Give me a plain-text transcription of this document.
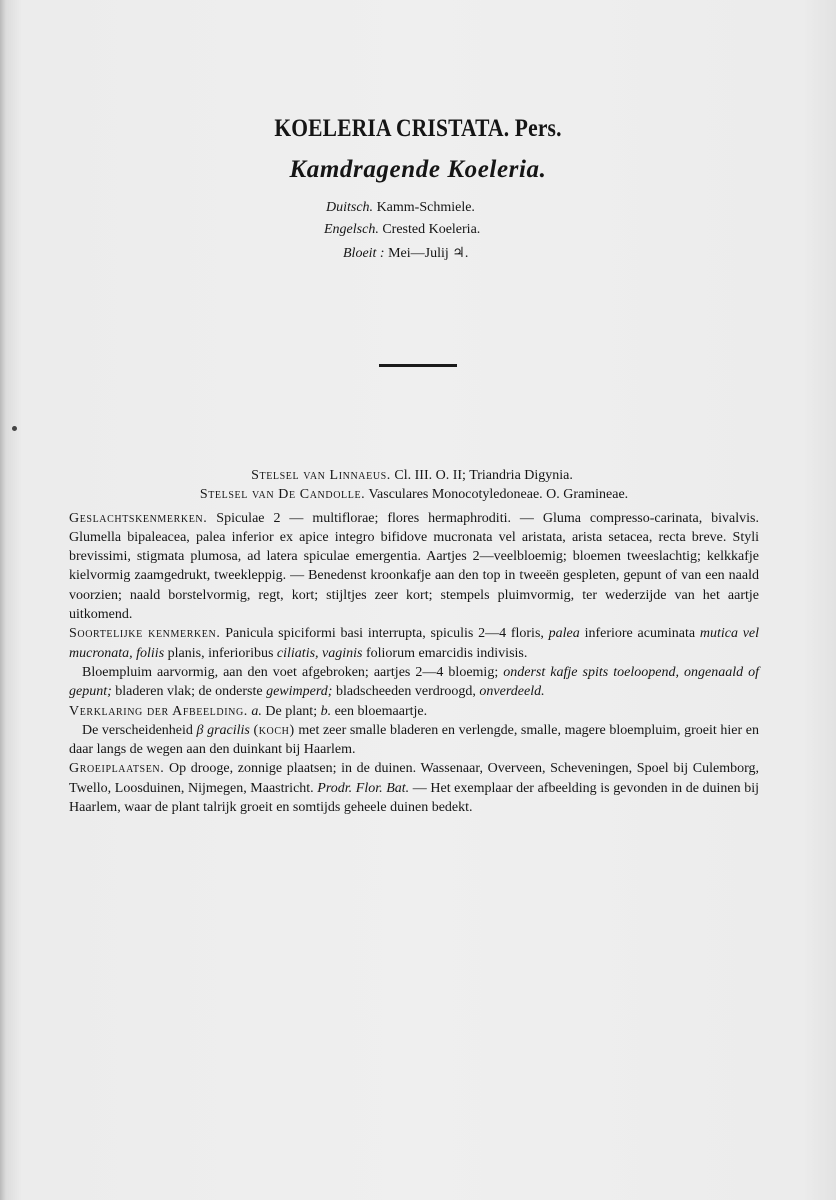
KOELERIA CRISTATA. Pers.
Kamdragende Koeleria.
Duitsch. Kamm-Schmiele.
Engelsch. Crested Koeleria.
Bloeit : Mei—Julij ♃.
Stelsel van Linnaeus. Cl. III. O. II; Triandria Digynia.
Stelsel van De Candolle. Vasculares Monocotyledoneae. O. Gramineae.

Geslachtskenmerken. Spiculae 2 — multiflorae; flores hermaphroditi. — Gluma compresso-carinata, bivalvis. Glumella bipaleacea, palea inferior ex apice integro bifidove mucronata vel aristata, arista setacea, recta breve. Styli brevissimi, stigmata plumosa, ad latera spiculae emergentia. Aartjes 2—veelbloemig; bloemen tweeslachtig; kelkkafje kielvormig zaamgedrukt, tweekleppig. — Benedenst kroonkafje aan den top in tweeën gespleten, gepunt of van een naald voorzien; naald borstelvormig, regt, kort; stijltjes zeer kort; stempels pluimvormig, ter wederzijde van het aartje uitkomend.

Soortelijke kenmerken. Panicula spiciformi basi interrupta, spiculis 2—4 floris, palea inferiore acuminata mutica vel mucronata, foliis planis, inferioribus ciliatis, vaginis foliorum emarcidis indivisis.

Bloempluim aarvormig, aan den voet afgebroken; aartjes 2—4 bloemig; onderst kafje spits toeloopend, ongenaald of gepunt; bladeren vlak; de onderste gewimperd; bladscheeden verdroogd, onverdeeld.

Verklaring der Afbeelding. a. De plant; b. een bloemaartje.

De verscheidenheid β gracilis (koch) met zeer smalle bladeren en verlengde, smalle, magere bloempluim, groeit hier en daar langs de wegen aan den duinkant bij Haarlem.

Groeiplaatsen. Op drooge, zonnige plaatsen; in de duinen. Wassenaar, Overveen, Scheveningen, Spoel bij Culemborg, Twello, Loosduinen, Nijmegen, Maastricht. Prodr. Flor. Bat. — Het exemplaar der afbeelding is gevonden in de duinen bij Haarlem, waar de plant talrijk groeit en somtijds geheele duinen bedekt.
